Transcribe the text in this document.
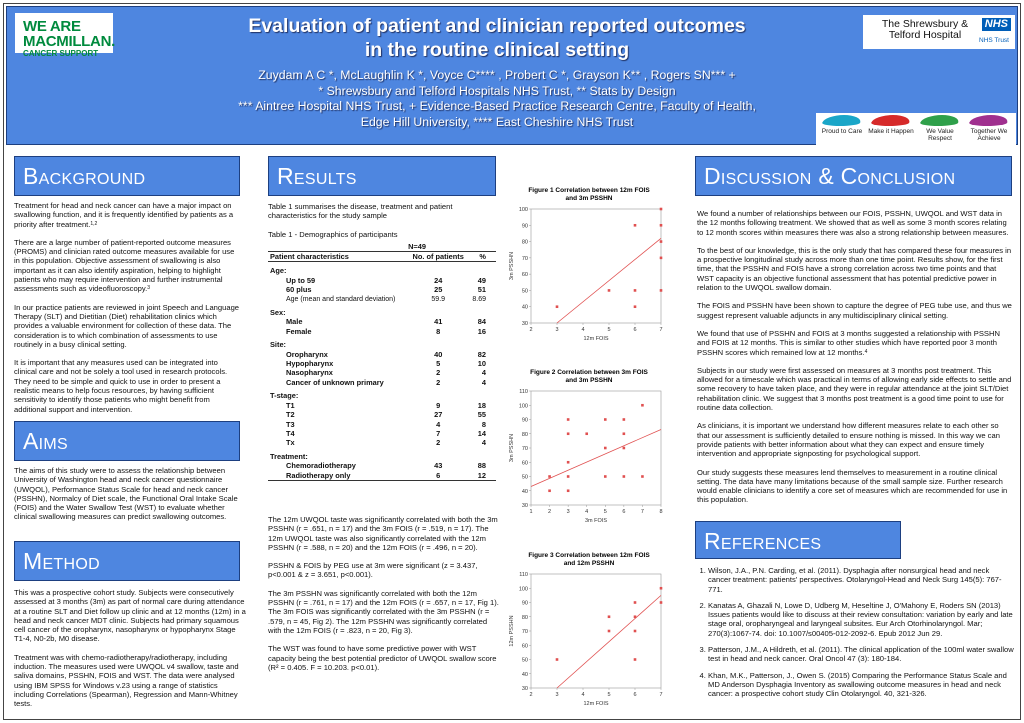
WE ARE
MACMILLAN.
CANCER SUPPORT
Evaluation of patient and clinician reported outcomes
in the routine clinical setting
Zuydam A C *, McLaughlin K *, Voyce C**** , Probert C *, Grayson K** , Rogers SN*** +
* Shrewsbury and Telford Hospitals NHS Trust, ** Stats by Design
*** Aintree Hospital NHS Trust, + Evidence-Based Practice Research Centre, Faculty of Health,
Edge Hill University, **** East Cheshire NHS Trust
The Shrewsbury & Telford Hospital
NHS
NHS Trust
Proud to Care Make it Happen	We Value Respect
Together We Achieve
Background

Treatment for head and neck cancer can have a major impact on swallowing function, and it is frequently identified by patients as a priority after treatment.$^{1,2}$

There are a large number of patient-reported outcome measures (PROMS) and clinician rated outcome measures available for use in this population. Objective assessment of swallowing is also important as it can also identify aspiration, helping to highlight patients who may require intervention and further instrumental assessments such as videofluoroscopy.$^3$

In our practice patients are reviewed in joint Speech and Language Therapy (SLT) and Dietitian (Diet) rehabilitation clinics which provides a valuable environment for collection of these data. The consideration is to which combination of assessments to use routinely in a busy clinical setting.

It is important that any measures used can be integrated into clinical care and not be solely a tool used in research protocols. They need to be simple and quick to use in order to present a realistic means to help focus resources, by having sufficient sensitivity to identify those patients who might benefit from additional support and intervention.

Aims

The aims of this study were to assess the relationship between University of Washington head and neck cancer questionnaire (UWQOL), Performance Status Scale for head and neck cancer (PSSHN), Normalcy of Diet scale, the Functional Oral Intake Scale (FOIS) and the Water Swallow Test (WST) to evaluate whether clinical swallowing measures can predict swallowing outcomes.

Method

This was a prospective cohort study. Subjects were consecutively assessed at 3 months (3m) as part of normal care during attendance at a routine SLT and Diet follow up clinic and at 12 months (12m) in a head and neck cancer MDT clinic. Subjects had primary squamous cell cancer of the oropharynx, nasopharynx or hypopharynx Stage T1-4, N0-2b, M0 disease.

Treatment was with chemo-radiotherapy/radiotherapy, including induction. The measures used were UWQOL v4 swallow, taste and saliva domains, PSSHN, FOIS and WST. The data were analysed using IBM SPSS for Windows v.23 using a range of statistics including Correlations (Spearman), Regression and Mann-Whitney tests.

Results

Table 1 summarises the disease, treatment and patient characteristics for the study sample

Table 1 - Demographics of participants

N=49
Patient characteristics	No. of patients	%
Age:		
Up to 59	24	49
60 plus	25	51
Age (mean and standard deviation)	59.9	8.69
Sex:		
Male	41	84
Female	8	16
Site:		
Oropharynx	40	82
Hypopharynx	5	10
Nasopharynx	2	4
Cancer of unknown primary	2	4
T-stage:		
T1	9	18
T2	27	55
T3	4	8
T4	7	14
Tx	2	4
Treatment:		
Chemoradiotherapy	43	88
Radiotherapy only	6	12

The 12m UWQOL taste was significantly correlated with both the 3m PSSHN (r = .651, n = 17) and the 3m FOIS (r = .519, n = 17). The 12m UWQOL taste was also significantly correlated with the 12m PSSHN (r = .588, n = 20) and the 12m FOIS (r = .496, n = 20).

PSSHN & FOIS by PEG use at 3m were significant (z = 3.437, p<0.001 & z = 3.651, p<0.001).

The 3m PSSHN was significantly correlated with both the 12m PSSHN (r = .761, n = 17) and the 12m FOIS (r = .657, n = 17, Fig 1). The 3m FOIS was significantly correlated with the 3m PSSHN (r = .579, n = 45, Fig 2). The 12m PSSHN was significantly correlated with the 12m FOIS (r = .823, n = 20, Fig 3).

The WST was found to have some predictive power with WST capacity being the best potential predictor of UWQOL swallow score (R² = 0.405. F = 10.203. p<0.01).

Figure 1 Correlation between 12m FOIS
and 3m PSSHN
30
40
50
60
70
80
90
100
2	3	4	5	6	7
12m FOIS
3m PSSHN
Figure 2 Correlation between 3m FOIS
and 3m PSSHN
30
40
50
60
70
80
90
100
110
1	2	3	4	5	6	7	8
3m FOIS
3m PSSHN
Figure 3 Correlation between 12m FOIS
and 12m PSSHN
30
40
50
60
70
80
90
100
110
2	3	4	5	6	7
12m FOIS
12m PSSHN
Discussion & Conclusion

We found a number of relationships between our FOIS, PSSHN, UWQOL and WST data in the 12 months following treatment. We showed that as well as some 3 month scores relating to 12 month scores within measures there was also a strong relationship between measures.

To the best of our knowledge, this is the only study that has compared these four measures in a prospective longitudinal study across more than one time point. Results show, for the first time, that the PSSHN and FOIS have a strong correlation across two time points and that WST capacity is an objective functional assessment that has potential predictive power in relation to the UWQOL swallow domain.

The FOIS and PSSHN have been shown to capture the degree of PEG tube use, and thus we suggest represent valuable adjuncts in any multidisciplinary clinical setting.

We found that use of PSSHN and FOIS at 3 months suggested a relationship with PSSHN and FOIS at 12 months. This is similar to other studies which have reported poor 3 month PSSHN scores which remained low at 12 months.$^4$

Subjects in our study were first assessed on measures at 3 months post treatment. This allowed for a timescale which was practical in terms of allowing early side effects to settle and some recovery to have taken place, and they were in regular attendance at the joint SLT/Diet rehabilitation clinic. We suggest that 3 months post treatment is a good time point to use for routine data collection.

As clinicians, it is important we understand how different measures relate to each other so that our assessment is sufficiently detailed to ensure nothing is missed. In this way we can provide patients with better information about what they can expect and ensure timely intervention and appropriate signposting for psychological support.

Our study suggests these measures lend themselves to measurement in a routine clinical setting. The data have many limitations because of the small sample size. Further research would enable clinicians to identify a core set of measures which are recommended for use in this population.

References
1. Wilson, J.A., P.N. Carding, et al. (2011). Dysphagia after nonsurgical head and neck cancer treatment: patients' perspectives. Otolaryngol-Head and Neck Surg 145(5): 767-771.
2. Kanatas A, Ghazali N, Lowe D, Udberg M, Heseltine J, O'Mahony E, Roders SN (2013) Issues patients would like to discuss at their review consultation: variation by early and late stage oral, oropharyngeal and laryngeal subsites. Eur Arch Otorhinolaryngol. Mar; 270(3):1067-74. doi: 10.1007/s00405-012-2092-6. Epub 2012 Jun 29.
3. Patterson, J.M., A Hildreth, et al. (2011). The clinical application of the 100ml water swallow test in head and neck cancer. Oral Oncol 47 (3): 180-184.
4. Khan, M.K., Patterson, J., Owen S. (2015) Comparing the Performance Status Scale and MD Anderson Dysphagia Inventory as swallowing outcome measures in head and neck cancer: a prospective cohort study Clin Otolaryngol. 40, 321-326.
